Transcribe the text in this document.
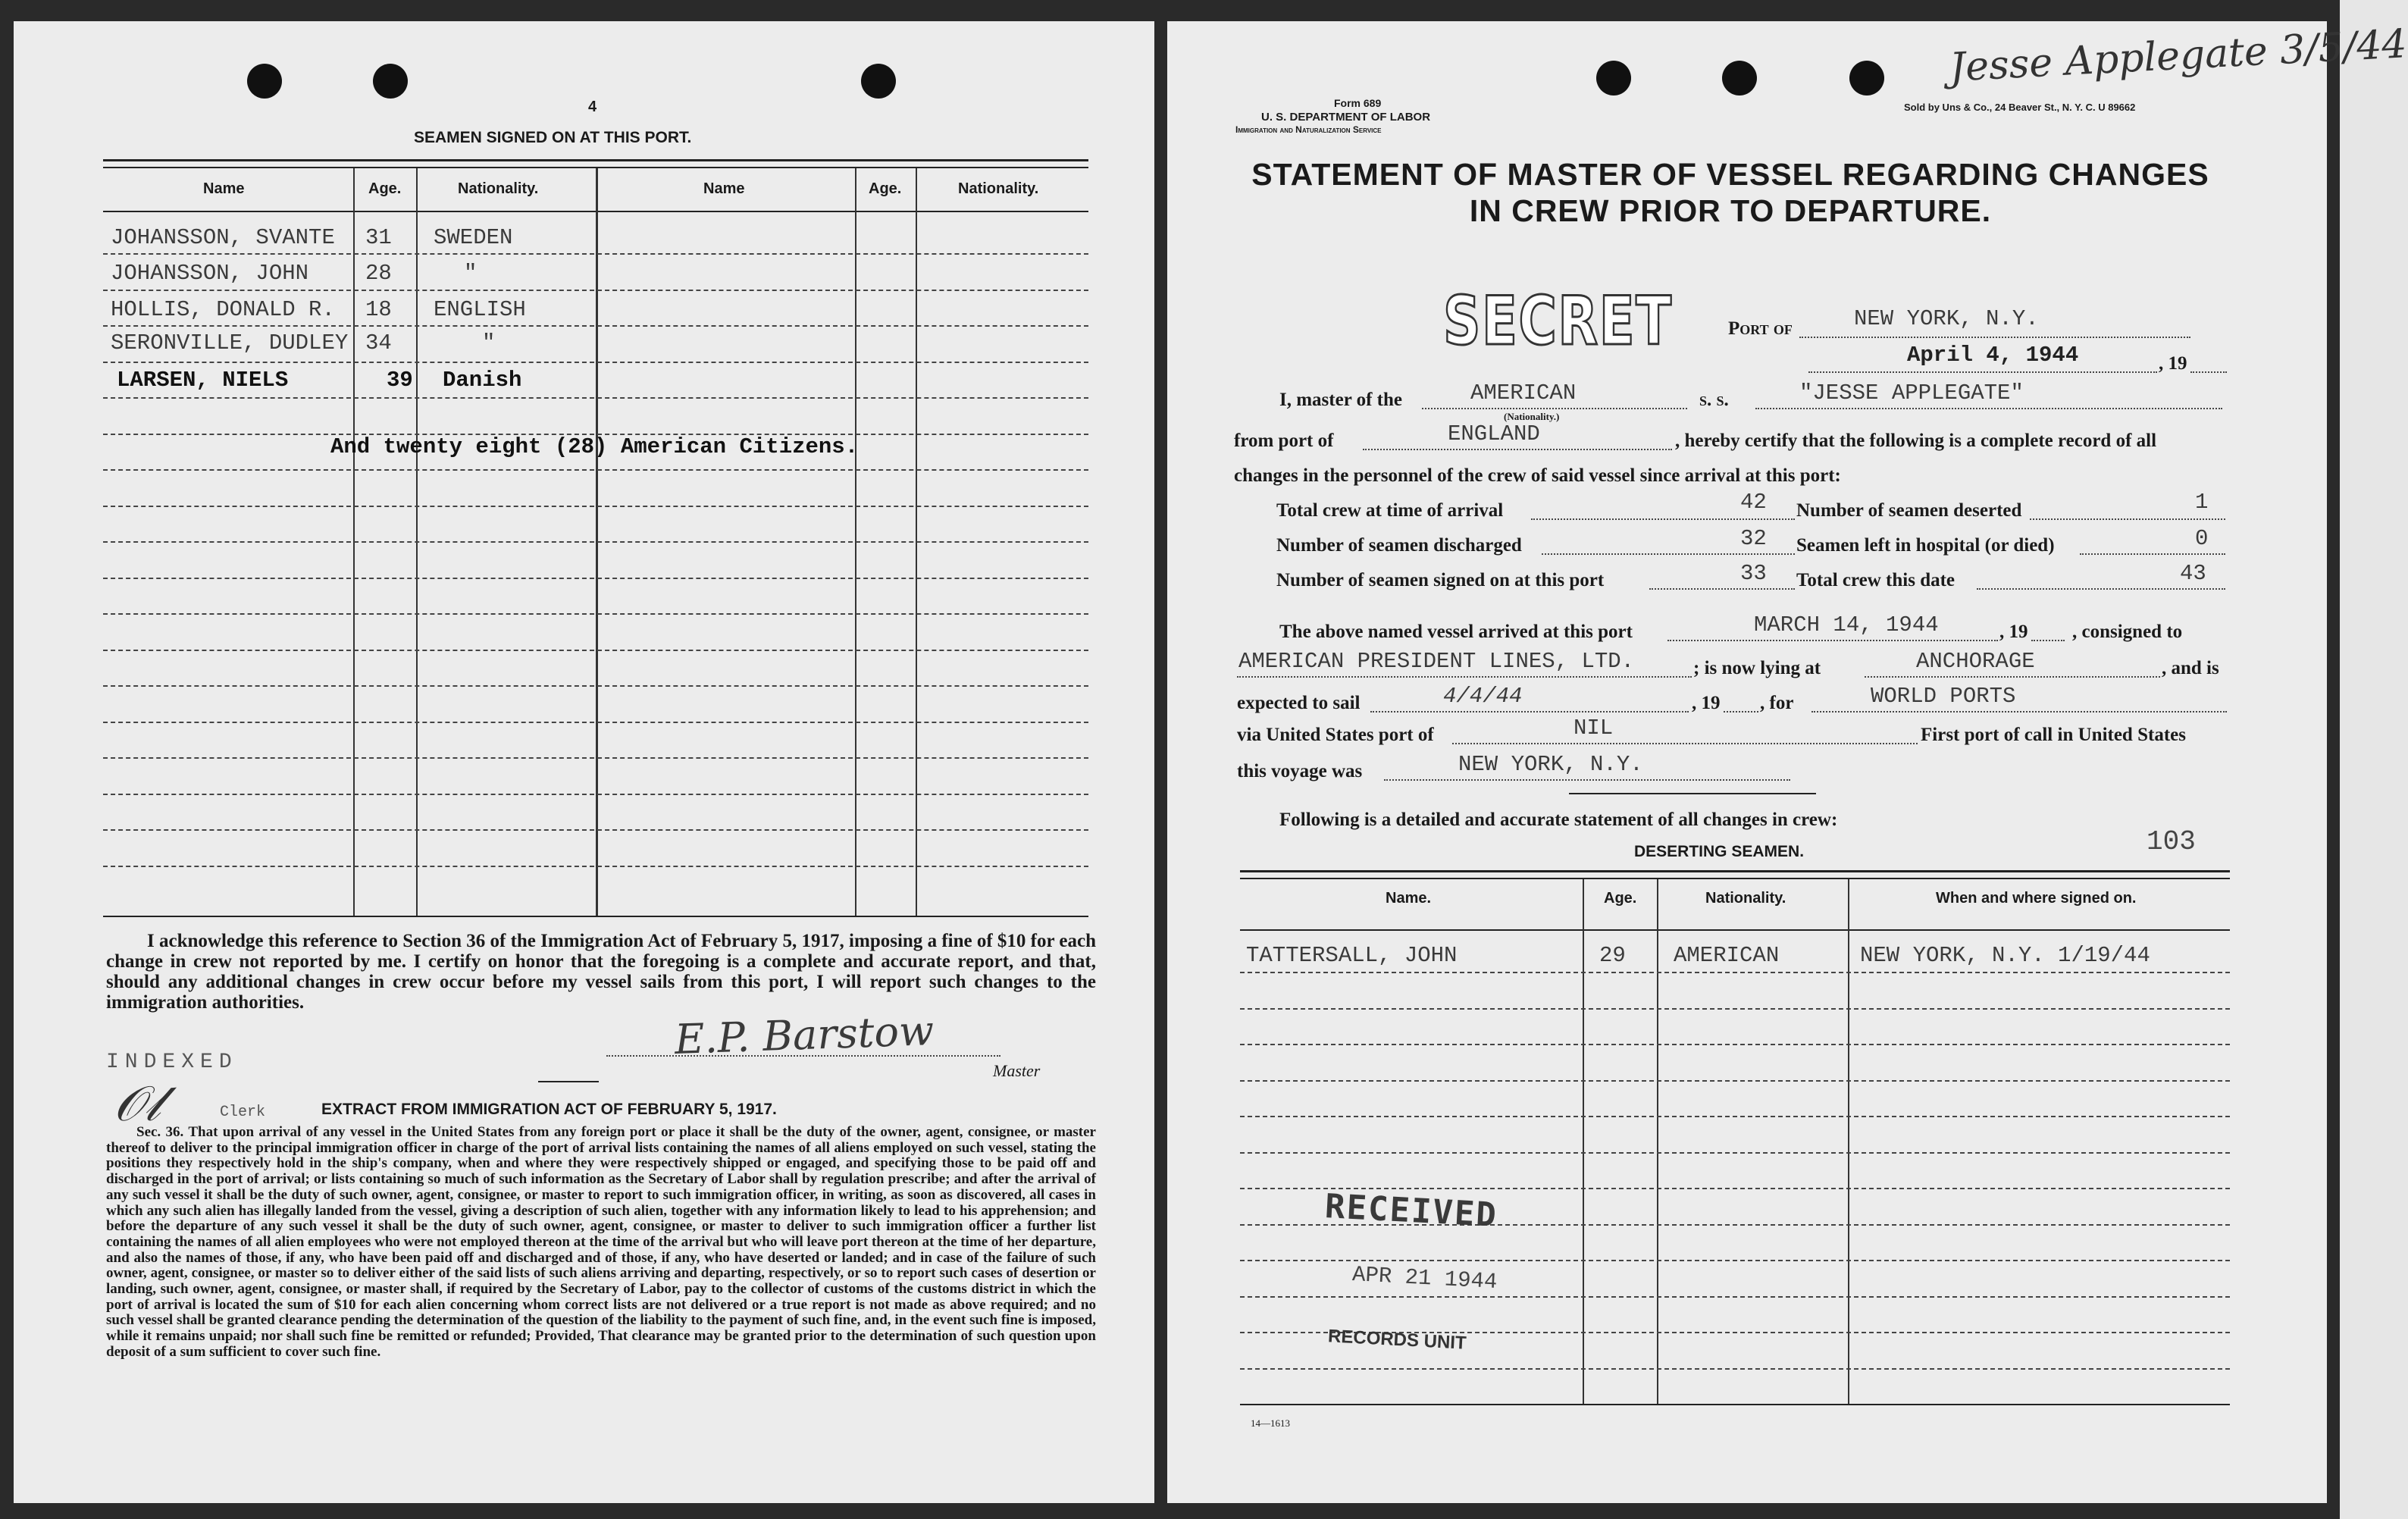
4
SEAMEN SIGNED ON AT THIS PORT.
Name	Age.	Nationality.	Name	Age.	Nationality.
JOHANSSON, SVANTE 31 SWEDEN
JOHANSSON, JOHN	28	"
HOLLIS, DONALD R. 18 ENGLISH
SERONVILLE, DUDLEY 34	"
LARSEN, NIELS	39 Danish
And twenty eight (28) American Citizens.
I acknowledge this reference to Section 36 of the Immigration Act of February 5, 1917, imposing a fine of $10 for each change in crew not reported by me. I certify on honor that the foregoing is a complete and accurate report, and that, should any additional changes in crew occur before my vessel sails from this port, I will report such changes to the immigration authorities.
E.P. Barstow
Master
INDEXED
𝒪𝓁	Clerk	EXTRACT FROM IMMIGRATION ACT OF FEBRUARY 5, 1917.
Sec. 36. That upon arrival of any vessel in the United States from any foreign port or place it shall be the duty of the owner, agent, consignee, or master thereof to deliver to the principal immigration officer in charge of the port of arrival lists containing the names of all aliens employed on such vessel, stating the positions they respectively hold in the ship's company, when and where they were respectively shipped or engaged, and specifying those to be paid off and discharged in the port of arrival; or lists containing so much of such information as the Secretary of Labor shall by regulation prescribe; and after the arrival of any such vessel it shall be the duty of such owner, agent, consignee, or master to report to such immigration officer, in writing, as soon as discovered, all cases in which any such alien has illegally landed from the vessel, giving a description of such alien, together with any information likely to lead to his apprehension; and before the departure of any such vessel it shall be the duty of such owner, agent, consignee, or master to deliver to such immigration officer a further list containing the names of all alien employees who were not employed thereon at the time of the arrival but who will leave port thereon at the time of her departure, and also the names of those, if any, who have been paid off and discharged and of those, if any, who have deserted or landed; and in case of the failure of such owner, agent, consignee, or master so to deliver either of the said lists of such aliens arriving and departing, respectively, or so to report such cases of desertion or landing, such owner, agent, consignee, or master shall, if required by the Secretary of Labor, pay to the collector of customs of the customs district in which the port of arrival is located the sum of $10 for each alien concerning whom correct lists are not delivered or a true report is not made as above required; and no such vessel shall be granted clearance pending the determination of the question of the liability to the payment of such fine, and, in the event such fine is imposed, while it remains unpaid; nor shall such fine be remitted or refunded; Provided, That clearance may be granted prior to the determination of such question upon deposit of a sum sufficient to cover such fine.
Jesse Applegate 3/5/44
Form 689
U. S. DEPARTMENT OF LABOR
Immigration and Naturalization Service
Sold by Uns & Co., 24 Beaver St., N. Y. C. U 89662
STATEMENT OF MASTER OF VESSEL REGARDING CHANGES
IN CREW PRIOR TO DEPARTURE.
SECRET	Port of	NEW YORK, N.Y.
April 4, 1944	, 19
I, master of the	AMERICAN
(Nationality.)
s. s.	"JESSE APPLEGATE"
from port of	ENGLAND	, hereby certify that the following is a complete record of all
changes in the personnel of the crew of said vessel since arrival at this port:
Total crew at time of arrival	42
Number of seamen discharged	32
Number of seamen signed on at this port	33
Number of seamen deserted	1
Seamen left in hospital (or died)	0
Total crew this date	43
The above named vessel arrived at this port	MARCH 14, 1944	, 19 , consigned to
AMERICAN PRESIDENT LINES, LTD.	; is now lying at	ANCHORAGE	, and is
expected to sail	4/4/44	, 19 , for	WORLD PORTS
via United States port of	NIL	First port of call in United States
this voyage was	NEW YORK, N.Y.
Following is a detailed and accurate statement of all changes in crew:
103
DESERTING SEAMEN.
Name.	Age.	Nationality.	When and where signed on.
TATTERSALL, JOHN	29 AMERICAN	NEW YORK, N.Y. 1/19/44
RECEIVED
APR 21 1944
RECORDS UNIT
14—1613
